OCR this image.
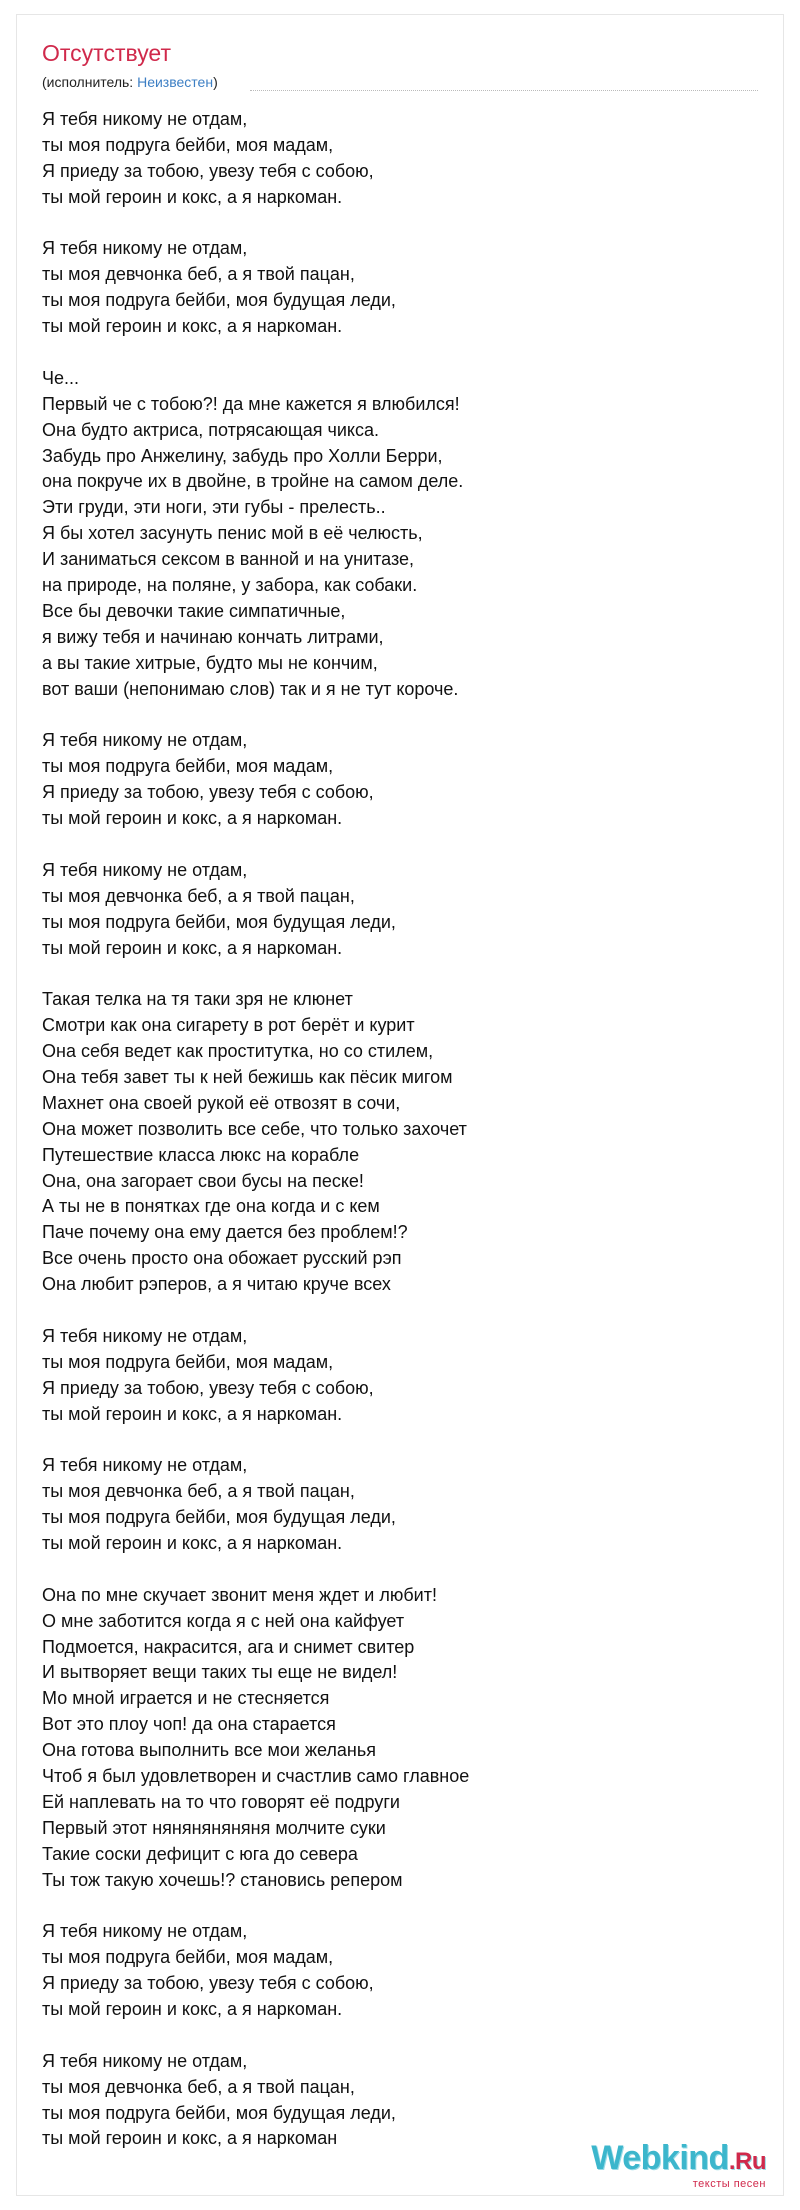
Отсутствует
(исполнитель: Неизвестен)
Я тебя никому не отдам,
ты моя подруга бейби, моя мадам,
Я приеду за тобою, увезу тебя с собою,
ты мой героин и кокс, а я наркоман.
Я тебя никому не отдам,
ты моя девчонка беб, а я твой пацан,
ты моя подруга бейби, моя будущая леди,
ты мой героин и кокс, а я наркоман.
Че...
Первый че с тобою?! да мне кажется я влюбился!
Она будто актриса, потрясающая чикса.
Забудь про Анжелину, забудь про Холли Берри,
она покруче их в двойне, в тройне на самом деле.
Эти груди, эти ноги, эти губы - прелесть..
Я бы хотел засунуть пенис мой в её челюсть,
И заниматься сексом в ванной и на унитазе,
на природе, на поляне, у забора, как собаки.
Все бы девочки такие симпатичные,
я вижу тебя и начинаю кончать литрами,
а вы такие хитрые, будто мы не кончим,
вот ваши (непонимаю слов) так и я не тут короче.
Я тебя никому не отдам,
ты моя подруга бейби, моя мадам,
Я приеду за тобою, увезу тебя с собою,
ты мой героин и кокс, а я наркоман.
Я тебя никому не отдам,
ты моя девчонка беб, а я твой пацан,
ты моя подруга бейби, моя будущая леди,
ты мой героин и кокс, а я наркоман.
Такая телка на тя таки зря не клюнет
Смотри как она сигарету в рот берёт и курит
Она себя ведет как проститутка, но со стилем,
Она тебя завет ты к ней бежишь как пёсик мигом
Махнет она своей рукой её отвозят в сочи,
Она может позволить все себе, что только захочет
Путешествие класса люкс на корабле
Она, она загорает свои бусы на песке!
А ты не в понятках где она когда и с кем
Паче почему она ему дается без проблем!?
Все очень просто она обожает русский рэп
Она любит рэперов, а я читаю круче всех
Я тебя никому не отдам,
ты моя подруга бейби, моя мадам,
Я приеду за тобою, увезу тебя с собою,
ты мой героин и кокс, а я наркоман.
Я тебя никому не отдам,
ты моя девчонка беб, а я твой пацан,
ты моя подруга бейби, моя будущая леди,
ты мой героин и кокс, а я наркоман.
Она по мне скучает звонит меня ждет и любит!
О мне заботится когда я с ней она кайфует
Подмоется, накрасится, ага и снимет свитер
И вытворяет вещи таких ты еще не видел!
Мо мной играется и не стесняется
Вот это плоу чоп! да она старается
Она готова выполнить все мои желанья
Чтоб я был удовлетворен и счастлив само главное
Ей наплевать на то что говорят её подруги
Первый этот няняняняняня молчите суки
Такие соски дефицит с юга до севера
Ты тож такую хочешь!? становись репером
Я тебя никому не отдам,
ты моя подруга бейби, моя мадам,
Я приеду за тобою, увезу тебя с собою,
ты мой героин и кокс, а я наркоман.
Я тебя никому не отдам,
ты моя девчонка беб, а я твой пацан,
ты моя подруга бейби, моя будущая леди,
ты мой героин и кокс, а я наркоман
Webkind.Ru
тексты песен
